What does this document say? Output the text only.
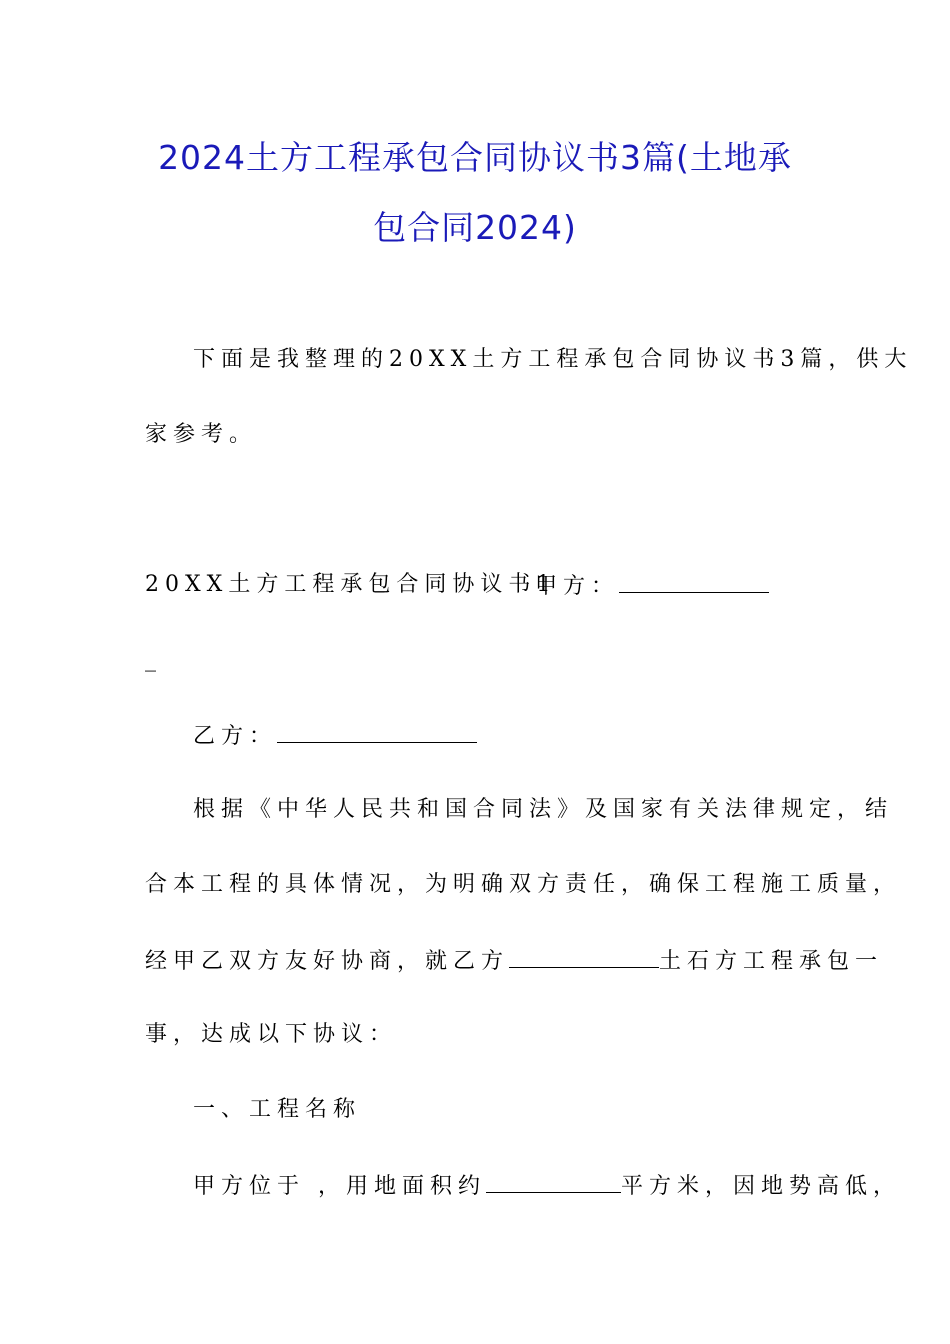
2024土方工程承包合同协议书3篇(土地承
包合同2024)
下面是我整理的20XX土方工程承包合同协议书3篇，供大
家参考。
20XX土方工程承包合同协议书1
甲方：
_
乙方：
根据《中华人民共和国合同法》及国家有关法律规定，结
合本工程的具体情况，为明确双方责任，确保工程施工质量，
经甲乙双方友好协商，就乙方	土石方工程承包一
事，达成以下协议：
一、工程名称
甲方位于 ，用地面积约	平方米，因地势高低，
